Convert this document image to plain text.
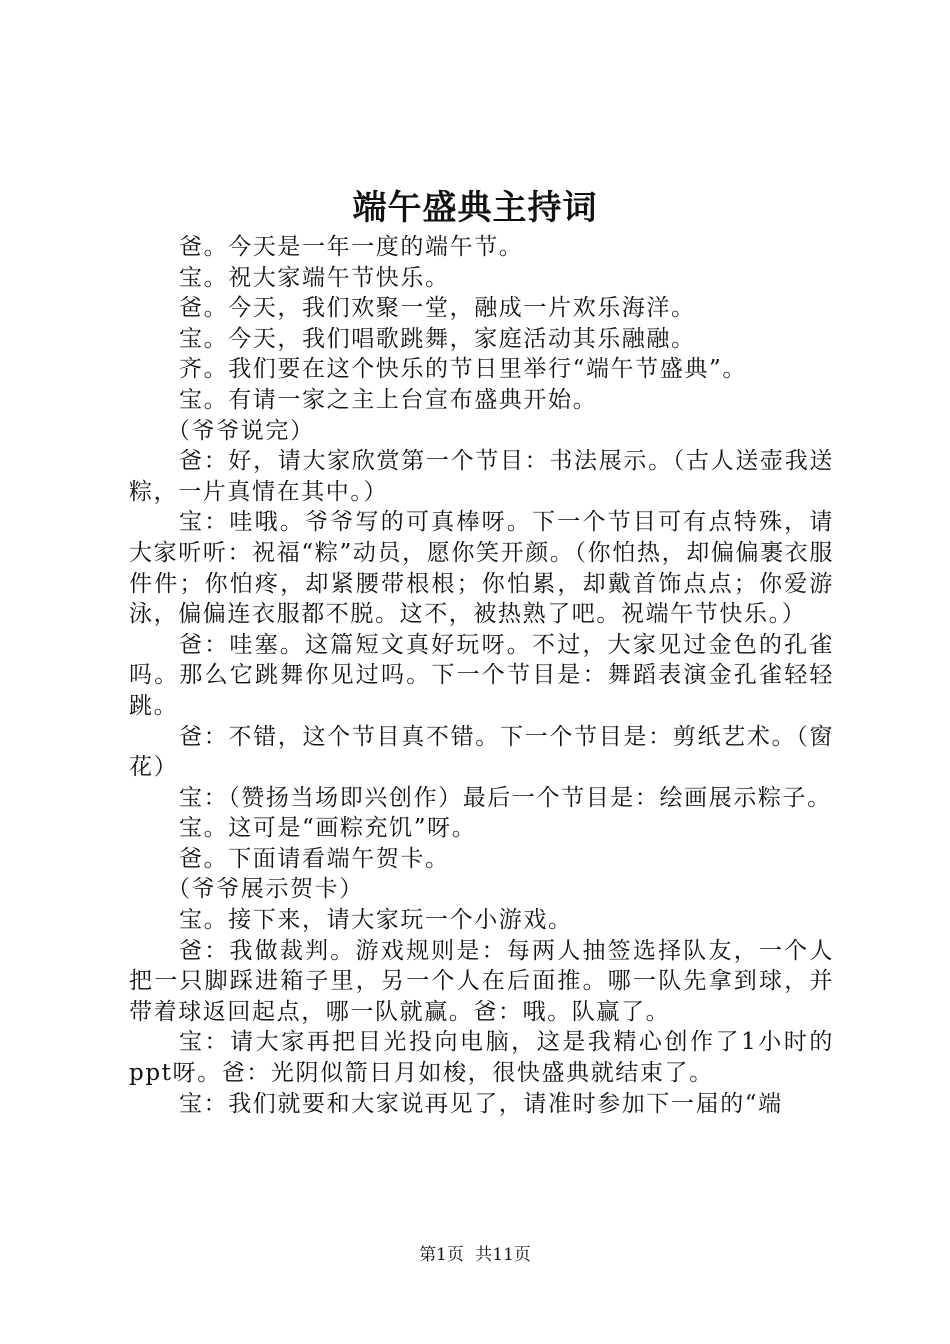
端午盛典主持词

爸。今天是一年一度的端午节。

宝。祝大家端午节快乐。

爸。今天，我们欢聚一堂，融成一片欢乐海洋。

宝。今天，我们唱歌跳舞，家庭活动其乐融融。

齐。我们要在这个快乐的节日里举行“端午节盛典”。

宝。有请一家之主上台宣布盛典开始。

（爷爷说完）

爸：好，请大家欣赏第一个节目：书法展示。（古人送壶我送粽，一片真情在其中。）

宝：哇哦。爷爷写的可真棒呀。下一个节目可有点特殊，请大家听听：祝福“粽”动员，愿你笑开颜。（你怕热，却偏偏裹衣服件件；你怕疼，却紧腰带根根；你怕累，却戴首饰点点；你爱游泳，偏偏连衣服都不脱。这不，被热熟了吧。祝端午节快乐。）

爸：哇塞。这篇短文真好玩呀。不过，大家见过金色的孔雀吗。那么它跳舞你见过吗。下一个节目是：舞蹈表演金孔雀轻轻跳。

爸：不错，这个节目真不错。下一个节目是：剪纸艺术。（窗花）

宝：（赞扬当场即兴创作）最后一个节目是：绘画展示粽子。

宝。这可是“画粽充饥”呀。

爸。下面请看端午贺卡。

（爷爷展示贺卡）

宝。接下来，请大家玩一个小游戏。

爸：我做裁判。游戏规则是：每两人抽签选择队友，一个人把一只脚踩进箱子里，另一个人在后面推。哪一队先拿到球，并带着球返回起点，哪一队就赢。爸：哦。队赢了。

宝：请大家再把目光投向电脑，这是我精心创作了1小时的ppt呀。爸：光阴似箭日月如梭，很快盛典就结束了。

宝：我们就要和大家说再见了，请准时参加下一届的“端

第1页 共11页
